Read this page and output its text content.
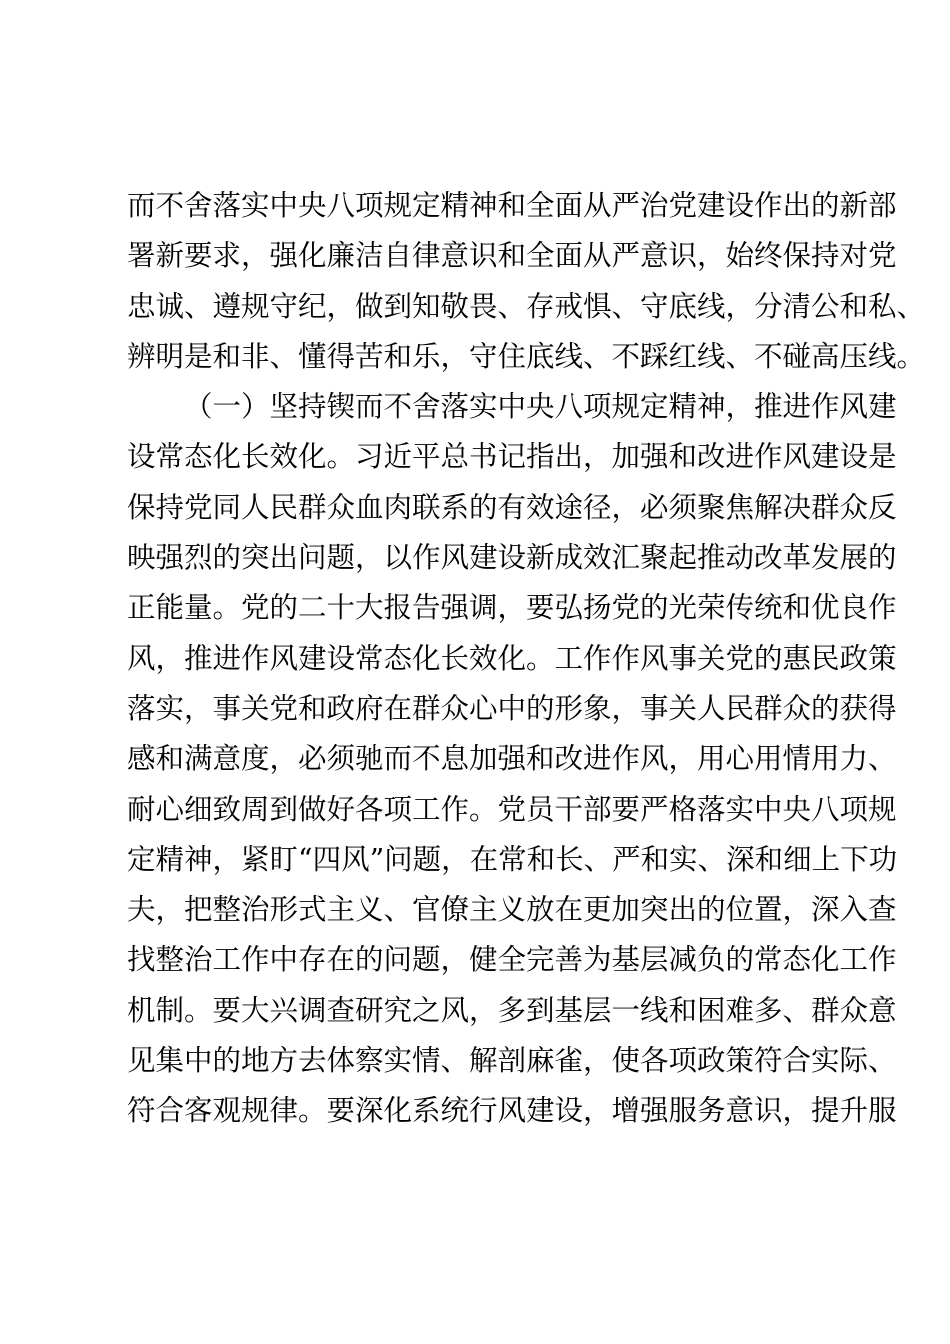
而不舍落实中央八项规定精神和全面从严治党建设作出的新部
署新要求，强化廉洁自律意识和全面从严意识，始终保持对党
忠诚、遵规守纪，做到知敬畏、存戒惧、守底线，分清公和私、
辨明是和非、懂得苦和乐，守住底线、不踩红线、不碰高压线。
（一）坚持锲而不舍落实中央八项规定精神，推进作风建
设常态化长效化。习近平总书记指出，加强和改进作风建设是
保持党同人民群众血肉联系的有效途径，必须聚焦解决群众反
映强烈的突出问题，以作风建设新成效汇聚起推动改革发展的
正能量。党的二十大报告强调，要弘扬党的光荣传统和优良作
风，推进作风建设常态化长效化。工作作风事关党的惠民政策
落实，事关党和政府在群众心中的形象，事关人民群众的获得
感和满意度，必须驰而不息加强和改进作风，用心用情用力、
耐心细致周到做好各项工作。党员干部要严格落实中央八项规
定精神，紧盯“四风”问题，在常和长、严和实、深和细上下功
夫，把整治形式主义、官僚主义放在更加突出的位置，深入查
找整治工作中存在的问题，健全完善为基层减负的常态化工作
机制。要大兴调查研究之风，多到基层一线和困难多、群众意
见集中的地方去体察实情、解剖麻雀，使各项政策符合实际、
符合客观规律。要深化系统行风建设，增强服务意识，提升服
